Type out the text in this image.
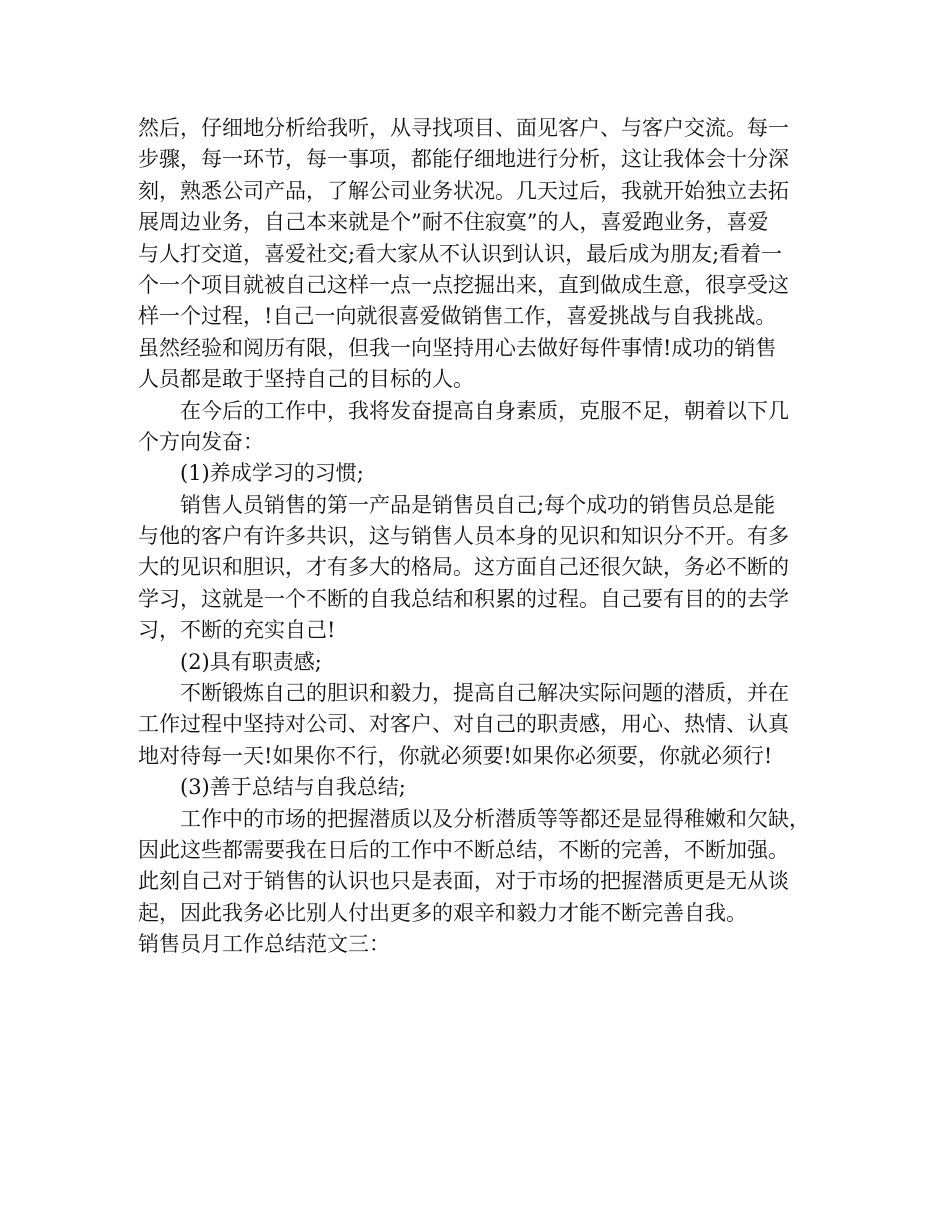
然后，仔细地分析给我听，从寻找项目、面见客户、与客户交流。每一
步骤，每一环节，每一事项，都能仔细地进行分析，这让我体会十分深
刻，熟悉公司产品，了解公司业务状况。几天过后，我就开始独立去拓
展周边业务，自己本来就是个”耐不住寂寞”的人，喜爱跑业务，喜爱
与人打交道，喜爱社交;看大家从不认识到认识，最后成为朋友;看着一
个一个项目就被自己这样一点一点挖掘出来，直到做成生意，很享受这
样一个过程，!自己一向就很喜爱做销售工作，喜爱挑战与自我挑战。
虽然经验和阅历有限，但我一向坚持用心去做好每件事情!成功的销售
人员都是敢于坚持自己的目标的人。
在今后的工作中，我将发奋提高自身素质，克服不足，朝着以下几
个方向发奋：
(1)养成学习的习惯;
销售人员销售的第一产品是销售员自己;每个成功的销售员总是能
与他的客户有许多共识，这与销售人员本身的见识和知识分不开。有多
大的见识和胆识，才有多大的格局。这方面自己还很欠缺，务必不断的
学习，这就是一个不断的自我总结和积累的过程。自己要有目的的去学
习，不断的充实自己!
(2)具有职责感;
不断锻炼自己的胆识和毅力，提高自己解决实际问题的潜质，并在
工作过程中坚持对公司、对客户、对自己的职责感，用心、热情、认真
地对待每一天!如果你不行，你就必须要!如果你必须要，你就必须行!
(3)善于总结与自我总结;
工作中的市场的把握潜质以及分析潜质等等都还是显得稚嫩和欠缺，
因此这些都需要我在日后的工作中不断总结，不断的完善，不断加强。
此刻自己对于销售的认识也只是表面，对于市场的把握潜质更是无从谈
起，因此我务必比别人付出更多的艰辛和毅力才能不断完善自我。
销售员月工作总结范文三：
